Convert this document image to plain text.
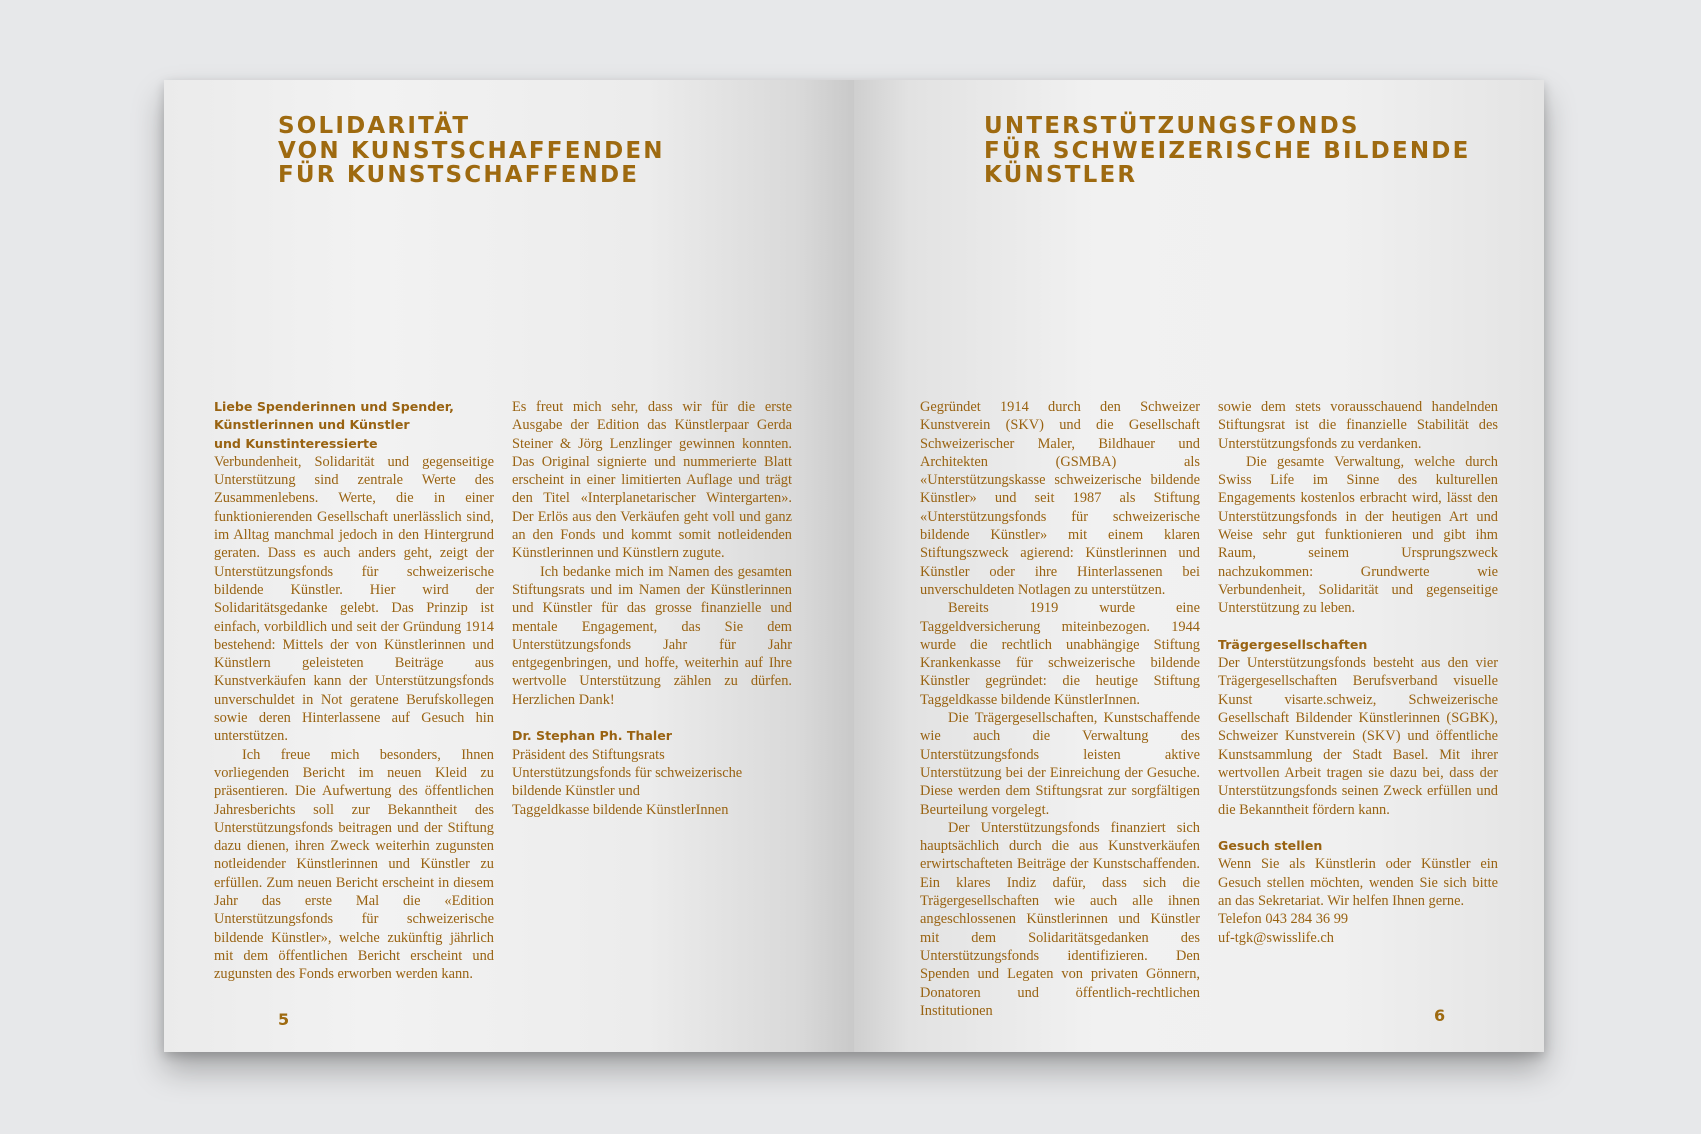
SOLIDARITÄT
VON KUNSTSCHAFFENDEN
FÜR KUNSTSCHAFFENDE
Liebe Spenderinnen und Spender,
Künstlerinnen und Künstler
und Kunstinteressierte

Verbundenheit, Solidarität und gegenseitige Unterstützung sind zentrale Werte des Zusammenlebens. Werte, die in einer funktionierenden Gesellschaft unerlässlich sind, im Alltag manchmal jedoch in den Hintergrund geraten. Dass es auch anders geht, zeigt der Unterstützungsfonds für schweizerische bildende Künstler. Hier wird der Solidaritätsgedanke gelebt. Das Prinzip ist einfach, vorbildlich und seit der Gründung 1914 bestehend: Mittels der von Künstlerinnen und Künstlern geleisteten Beiträge aus Kunstverkäufen kann der Unterstützungsfonds unverschuldet in Not geratene Berufskollegen sowie deren Hinterlassene auf Gesuch hin unterstützen.

Ich freue mich besonders, Ihnen vorliegenden Bericht im neuen Kleid zu präsentieren. Die Aufwertung des öffentlichen Jahresberichts soll zur Bekanntheit des Unterstützungsfonds beitragen und der Stiftung dazu dienen, ihren Zweck weiterhin zugunsten notleidender Künstlerinnen und Künstler zu erfüllen. Zum neuen Bericht erscheint in diesem Jahr das erste Mal die «Edition Unterstützungsfonds für schweizerische bildende Künstler», welche zukünftig jährlich mit dem öffentlichen Bericht erscheint und zugunsten des Fonds erworben werden kann.

Es freut mich sehr, dass wir für die erste Ausgabe der Edition das Künstlerpaar Gerda Steiner & Jörg Lenzlinger gewinnen konnten. Das Original signierte und nummerierte Blatt erscheint in einer limitierten Auflage und trägt den Titel «Interplanetarischer Wintergarten». Der Erlös aus den Verkäufen geht voll und ganz an den Fonds und kommt somit notleidenden Künstlerinnen und Künstlern zugute.

Ich bedanke mich im Namen des gesamten Stiftungsrats und im Namen der Künstlerinnen und Künstler für das grosse finanzielle und mentale Engagement, das Sie dem Unterstützungsfonds Jahr für Jahr entgegenbringen, und hoffe, weiterhin auf Ihre wertvolle Unterstützung zählen zu dürfen. Herzlichen Dank!

Dr. Stephan Ph. Thaler
Präsident des Stiftungsrats
Unterstützungsfonds für schweizerische
bildende Künstler und
Taggeldkasse bildende KünstlerInnen
5
UNTERSTÜTZUNGSFONDS
FÜR SCHWEIZERISCHE BILDENDE
KÜNSTLER

Gegründet 1914 durch den Schweizer Kunstverein (SKV) und die Gesellschaft Schweizerischer Maler, Bildhauer und Architekten (GSMBA) als «Unterstützungskasse schweizerische bildende Künstler» und seit 1987 als Stiftung «Unterstützungsfonds für schweizerische bildende Künstler» mit einem klaren Stiftungszweck agierend: Künstlerinnen und Künstler oder ihre Hinterlassenen bei unverschuldeten Notlagen zu unterstützen.

Bereits 1919 wurde eine Taggeldversicherung miteinbezogen. 1944 wurde die rechtlich unabhängige Stiftung Krankenkasse für schweizerische bildende Künstler gegründet: die heutige Stiftung Taggeldkasse bildende KünstlerInnen.

Die Trägergesellschaften, Kunstschaffende wie auch die Verwaltung des Unterstützungsfonds leisten aktive Unterstützung bei der Einreichung der Gesuche. Diese werden dem Stiftungsrat zur sorgfältigen Beurteilung vorgelegt.

Der Unterstützungsfonds finanziert sich hauptsächlich durch die aus Kunstverkäufen erwirtschafteten Beiträge der Kunstschaffenden. Ein klares Indiz dafür, dass sich die Trägergesellschaften wie auch alle ihnen angeschlossenen Künstlerinnen und Künstler mit dem Solidaritätsgedanken des Unterstützungsfonds identifizieren. Den Spenden und Legaten von privaten Gönnern, Donatoren und öffentlich-rechtlichen Institutionen

sowie dem stets vorausschauend handelnden Stiftungsrat ist die finanzielle Stabilität des Unterstützungsfonds zu verdanken.

Die gesamte Verwaltung, welche durch Swiss Life im Sinne des kulturellen Engagements kostenlos erbracht wird, lässt den Unterstützungsfonds in der heutigen Art und Weise sehr gut funktionieren und gibt ihm Raum, seinem Ursprungszweck nachzukommen: Grundwerte wie Verbundenheit, Solidarität und gegenseitige Unterstützung zu leben.

Trägergesellschaften

Der Unterstützungsfonds besteht aus den vier Trägergesellschaften Berufsverband visuelle Kunst visarte.schweiz, Schweizerische Gesellschaft Bildender Künstlerinnen (SGBK), Schweizer Kunstverein (SKV) und öffentliche Kunstsammlung der Stadt Basel. Mit ihrer wertvollen Arbeit tragen sie dazu bei, dass der Unterstützungsfonds seinen Zweck erfüllen und die Bekanntheit fördern kann.

Gesuch stellen

Wenn Sie als Künstlerin oder Künstler ein Gesuch stellen möchten, wenden Sie sich bitte an das Sekretariat. Wir helfen Ihnen gerne.

Telefon 043 284 36 99
uf-tgk@swisslife.ch
6
